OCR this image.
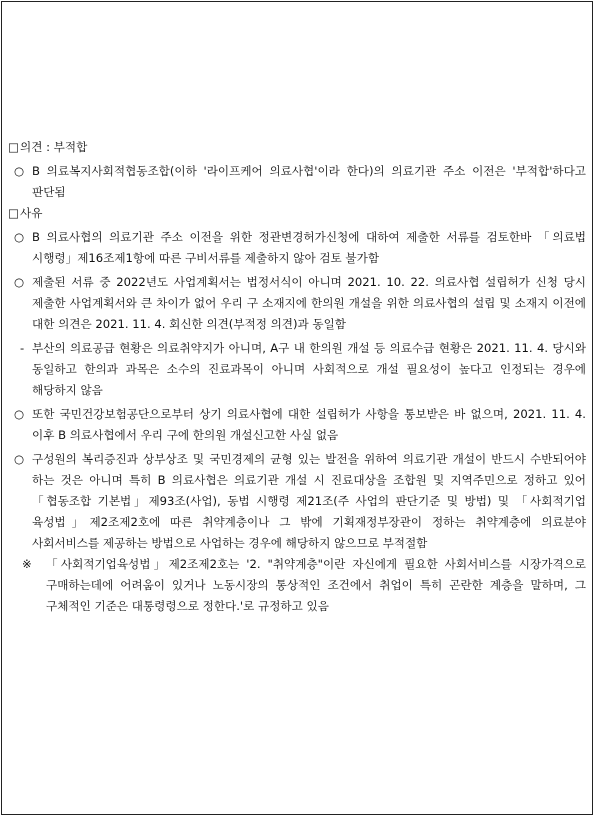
□ 의견 : 부적합

○ B 의료복지사회적협동조합(이하 '라이프케어 의료사협'이라 한다)의 의료기관 주소 이전은 '부적합'하다고 판단됨

□ 사유

○ B 의료사협의 의료기관 주소 이전을 위한 정관변경허가신청에 대하여 제출한 서류를 검토한바 「의료법 시행령」제16조제1항에 따른 구비서류를 제출하지 않아 검토 불가함

○ 제출된 서류 중 2022년도 사업계획서는 법정서식이 아니며 2021. 10. 22. 의료사협 설립허가 신청 당시 제출한 사업계획서와 큰 차이가 없어 우리 구 소재지에 한의원 개설을 위한 의료사협의 설립 및 소재지 이전에 대한 의견은 2021. 11. 4. 회신한 의견(부적정 의견)과 동일함

- 부산의 의료공급 현황은 의료취약지가 아니며, A구 내 한의원 개설 등 의료수급 현황은 2021. 11. 4. 당시와 동일하고 한의과 과목은 소수의 진료과목이 아니며 사회적으로 개설 필요성이 높다고 인정되는 경우에 해당하지 않음

○ 또한 국민건강보험공단으로부터 상기 의료사협에 대한 설립허가 사항을 통보받은 바 없으며, 2021. 11. 4. 이후 B 의료사협에서 우리 구에 한의원 개설신고한 사실 없음

○ 구성원의 복리증진과 상부상조 및 국민경제의 균형 있는 발전을 위하여 의료기관 개설이 반드시 수반되어야 하는 것은 아니며 특히 B 의료사협은 의료기관 개설 시 진료대상을 조합원 및 지역주민으로 정하고 있어 「협동조합 기본법」제93조(사업), 동법 시행령 제21조(주 사업의 판단기준 및 방법) 및 「사회적기업 육성법」제2조제2호에 따른 취약계층이나 그 밖에 기획재정부장관이 정하는 취약계층에 의료분야 사회서비스를 제공하는 방법으로 사업하는 경우에 해당하지 않으므로 부적절함

※ 「사회적기업육성법」제2조제2호는 '2. "취약계층"이란 자신에게 필요한 사회서비스를 시장가격으로 구매하는데에 어려움이 있거나 노동시장의 통상적인 조건에서 취업이 특히 곤란한 계층을 말하며, 그 구체적인 기준은 대통령령으로 정한다.'로 규정하고 있음
